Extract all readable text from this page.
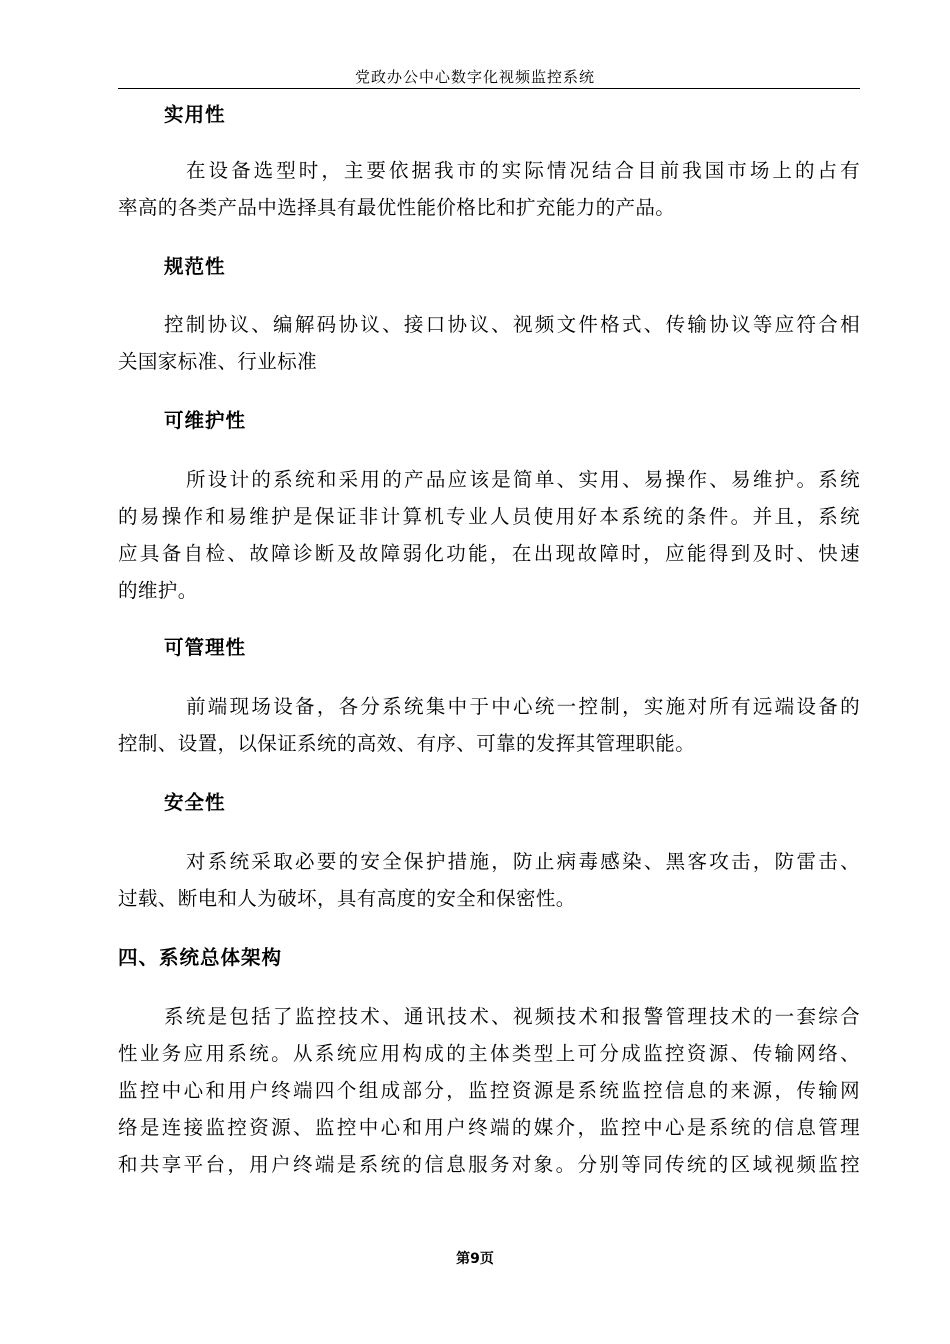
党政办公中心数字化视频监控系统
实用性
在设备选型时，主要依据我市的实际情况结合目前我国市场上的占有
率高的各类产品中选择具有最优性能价格比和扩充能力的产品。
规范性
控制协议、编解码协议、接口协议、视频文件格式、传输协议等应符合相
关国家标准、行业标准
可维护性
所设计的系统和采用的产品应该是简单、实用、易操作、易维护。系统
的易操作和易维护是保证非计算机专业人员使用好本系统的条件。并且，系统
应具备自检、故障诊断及故障弱化功能，在出现故障时，应能得到及时、快速
的维护。
可管理性
前端现场设备，各分系统集中于中心统一控制，实施对所有远端设备的
控制、设置，以保证系统的高效、有序、可靠的发挥其管理职能。
安全性
对系统采取必要的安全保护措施，防止病毒感染、黑客攻击，防雷击、
过载、断电和人为破坏，具有高度的安全和保密性。
四、系统总体架构
系统是包括了监控技术、通讯技术、视频技术和报警管理技术的一套综合
性业务应用系统。从系统应用构成的主体类型上可分成监控资源、传输网络、
监控中心和用户终端四个组成部分，监控资源是系统监控信息的来源，传输网
络是连接监控资源、监控中心和用户终端的媒介，监控中心是系统的信息管理
和共享平台，用户终端是系统的信息服务对象。分别等同传统的区域视频监控
第9页
